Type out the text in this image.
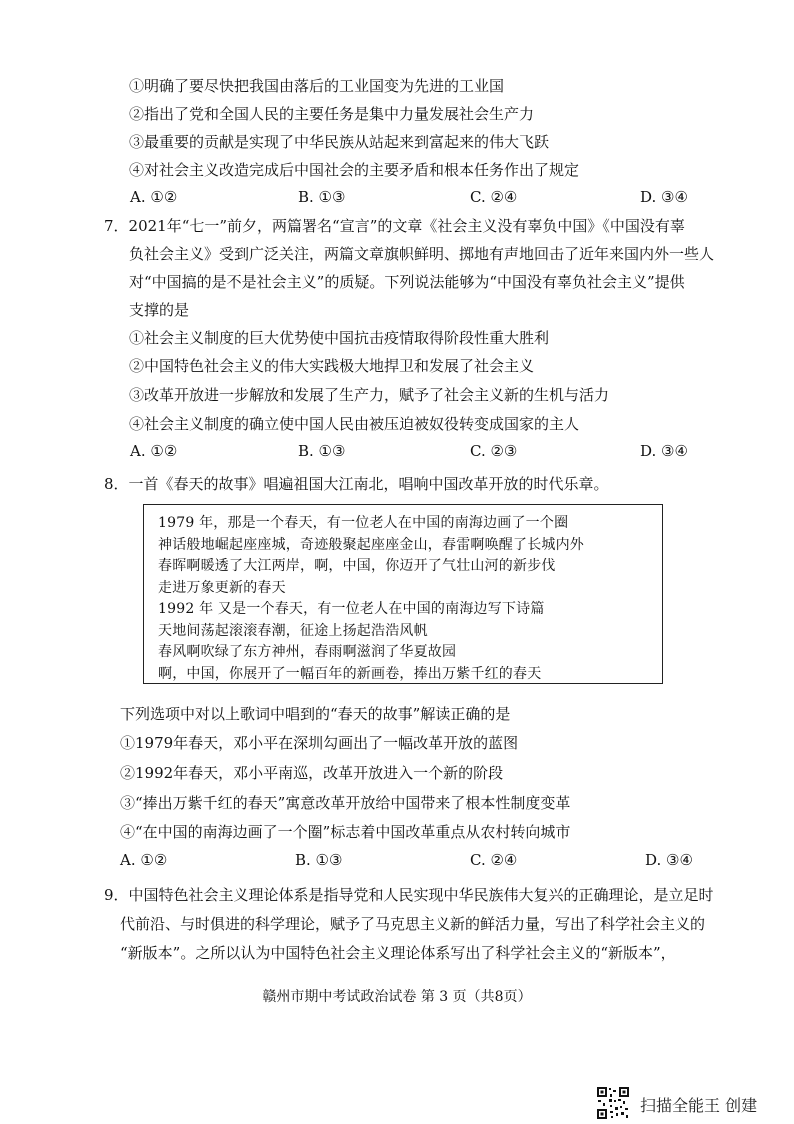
①明确了要尽快把我国由落后的工业国变为先进的工业国
②指出了党和全国人民的主要任务是集中力量发展社会生产力
③最重要的贡献是实现了中华民族从站起来到富起来的伟大飞跃
④对社会主义改造完成后中国社会的主要矛盾和根本任务作出了规定
A. ①②	B. ①③	C. ②④	D. ③④
7．2021年“七一”前夕，两篇署名“宣言”的文章《社会主义没有辜负中国》《中国没有辜
负社会主义》受到广泛关注，两篇文章旗帜鲜明、掷地有声地回击了近年来国内外一些人
对“中国搞的是不是社会主义”的质疑。下列说法能够为“中国没有辜负社会主义”提供
支撑的是
①社会主义制度的巨大优势使中国抗击疫情取得阶段性重大胜利
②中国特色社会主义的伟大实践极大地捍卫和发展了社会主义
③改革开放进一步解放和发展了生产力，赋予了社会主义新的生机与活力
④社会主义制度的确立使中国人民由被压迫被奴役转变成国家的主人
A. ①②	B. ①③	C. ②③	D. ③④
8．一首《春天的故事》唱遍祖国大江南北，唱响中国改革开放的时代乐章。
1979 年，那是一个春天，有一位老人在中国的南海边画了一个圈
神话般地崛起座座城，奇迹般聚起座座金山，春雷啊唤醒了长城内外
春晖啊暖透了大江两岸，啊，中国，你迈开了气壮山河的新步伐
走进万象更新的春天
1992 年 又是一个春天，有一位老人在中国的南海边写下诗篇
天地间荡起滚滚春潮，征途上扬起浩浩风帆
春风啊吹绿了东方神州，春雨啊滋润了华夏故园
啊，中国，你展开了一幅百年的新画卷，捧出万紫千红的春天
下列选项中对以上歌词中唱到的“春天的故事”解读正确的是
①1979年春天，邓小平在深圳勾画出了一幅改革开放的蓝图
②1992年春天，邓小平南巡，改革开放进入一个新的阶段
③“捧出万紫千红的春天”寓意改革开放给中国带来了根本性制度变革
④“在中国的南海边画了一个圈”标志着中国改革重点从农村转向城市
A. ①②	B. ①③	C. ②④	D. ③④
9．中国特色社会主义理论体系是指导党和人民实现中华民族伟大复兴的正确理论，是立足时
代前沿、与时俱进的科学理论，赋予了马克思主义新的鲜活力量，写出了科学社会主义的
“新版本”。之所以认为中国特色社会主义理论体系写出了科学社会主义的“新版本”，
赣州市期中考试政治试卷 第 3 页（共8页）
扫描全能王 创建
